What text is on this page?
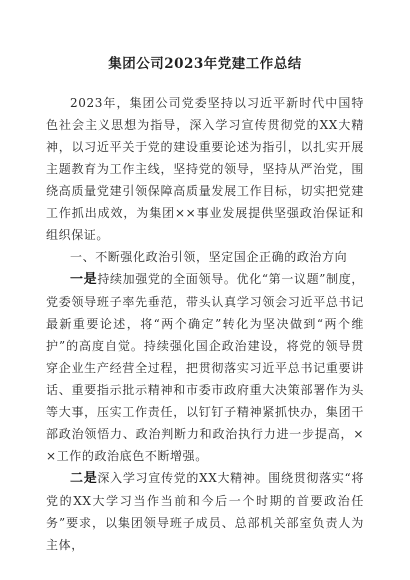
集团公司2023年党建工作总结

2023年，集团公司党委坚持以习近平新时代中国特色社会主义思想为指导，深入学习宣传贯彻党的XX大精神，以习近平关于党的建设重要论述为指引，以扎实开展主题教育为工作主线，坚持党的领导，坚持从严治党，围绕高质量党建引领保障高质量发展工作目标，切实把党建工作抓出成效，为集团××事业发展提供坚强政治保证和组织保证。

一、不断强化政治引领，坚定国企正确的政治方向

一是持续加强党的全面领导。优化“第一议题”制度，党委领导班子率先垂范，带头认真学习领会习近平总书记最新重要论述，将“两个确定”转化为坚决做到“两个维护”的高度自觉。持续强化国企政治建设，将党的领导贯穿企业生产经营全过程，把贯彻落实习近平总书记重要讲话、重要指示批示精神和市委市政府重大决策部署作为头等大事，压实工作责任，以钉钉子精神紧抓快办，集团干部政治领悟力、政治判断力和政治执行力进一步提高，××工作的政治底色不断增强。

二是深入学习宣传党的XX大精神。围绕贯彻落实“将党的XX大学习当作当前和今后一个时期的首要政治任务”要求，以集团领导班子成员、总部机关部室负责人为主体，
